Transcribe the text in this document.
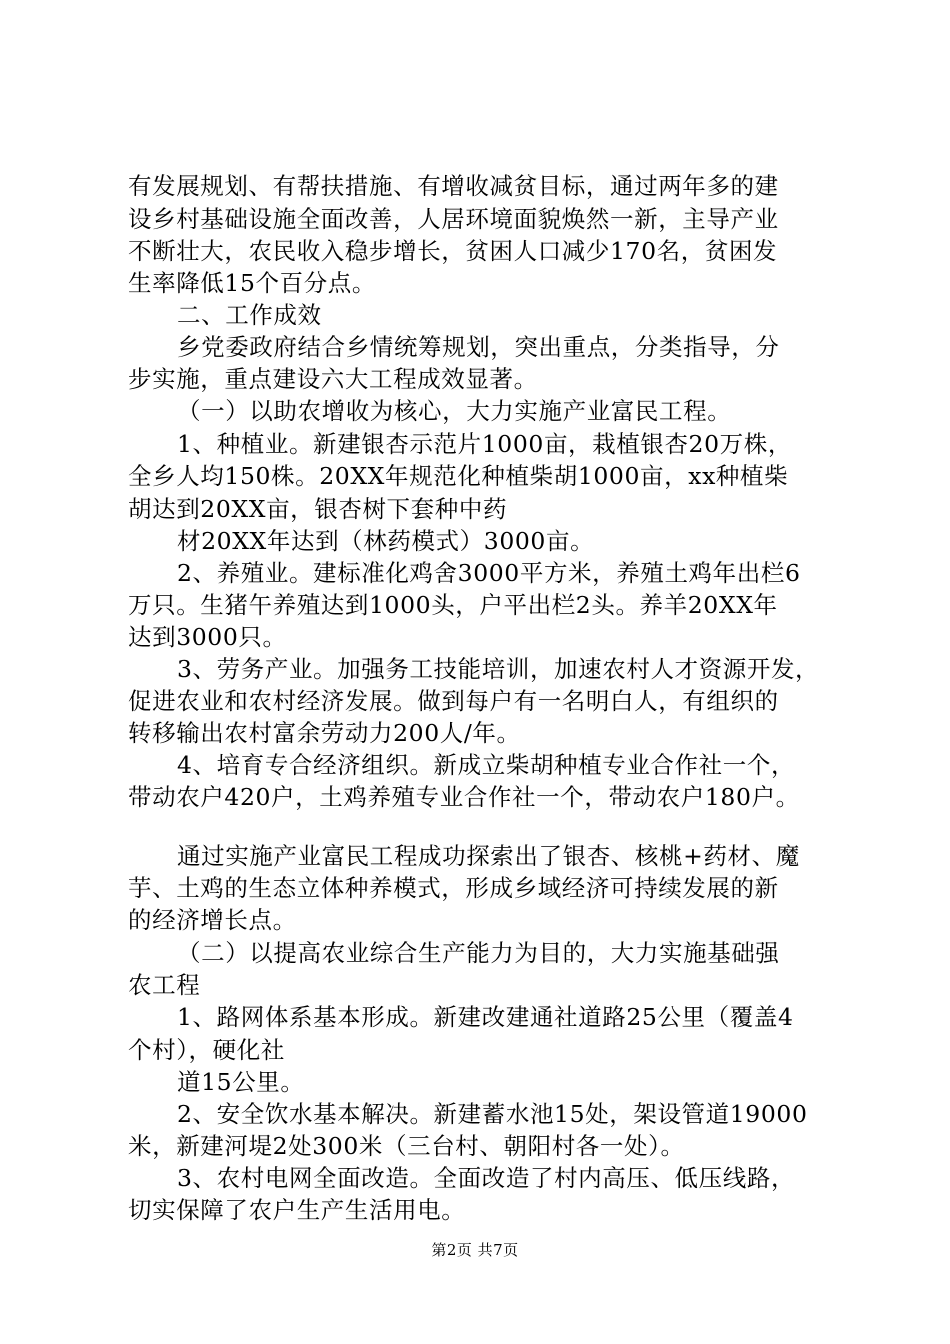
有发展规划、有帮扶措施、有增收减贫目标，通过两年多的建
设乡村基础设施全面改善，人居环境面貌焕然一新，主导产业
不断壮大，农民收入稳步增长，贫困人口减少170名，贫困发
生率降低15个百分点。
二、工作成效
乡党委政府结合乡情统筹规划，突出重点，分类指导，分
步实施，重点建设六大工程成效显著。
（一）以助农增收为核心，大力实施产业富民工程。
1、种植业。新建银杏示范片1000亩，栽植银杏20万株，
全乡人均150株。20XX年规范化种植柴胡1000亩，xx种植柴
胡达到20XX亩，银杏树下套种中药
材20XX年达到（林药模式）3000亩。
2、养殖业。建标准化鸡舍3000平方米，养殖土鸡年出栏6
万只。生猪午养殖达到1000头，户平出栏2头。养羊20XX年
达到3000只。
3、劳务产业。加强务工技能培训，加速农村人才资源开发，
促进农业和农村经济发展。做到每户有一名明白人，有组织的
转移输出农村富余劳动力200人/年。
4、培育专合经济组织。新成立柴胡种植专业合作社一个，
带动农户420户，土鸡养殖专业合作社一个，带动农户180户。
通过实施产业富民工程成功探索出了银杏、核桃+药材、魔
芋、土鸡的生态立体种养模式，形成乡域经济可持续发展的新
的经济增长点。
（二）以提高农业综合生产能力为目的，大力实施基础强
农工程
1、路网体系基本形成。新建改建通社道路25公里（覆盖4
个村），硬化社
道15公里。
2、安全饮水基本解决。新建蓄水池15处，架设管道19000
米，新建河堤2处300米（三台村、朝阳村各一处）。
3、农村电网全面改造。全面改造了村内高压、低压线路，
切实保障了农户生产生活用电。
第2页 共7页
